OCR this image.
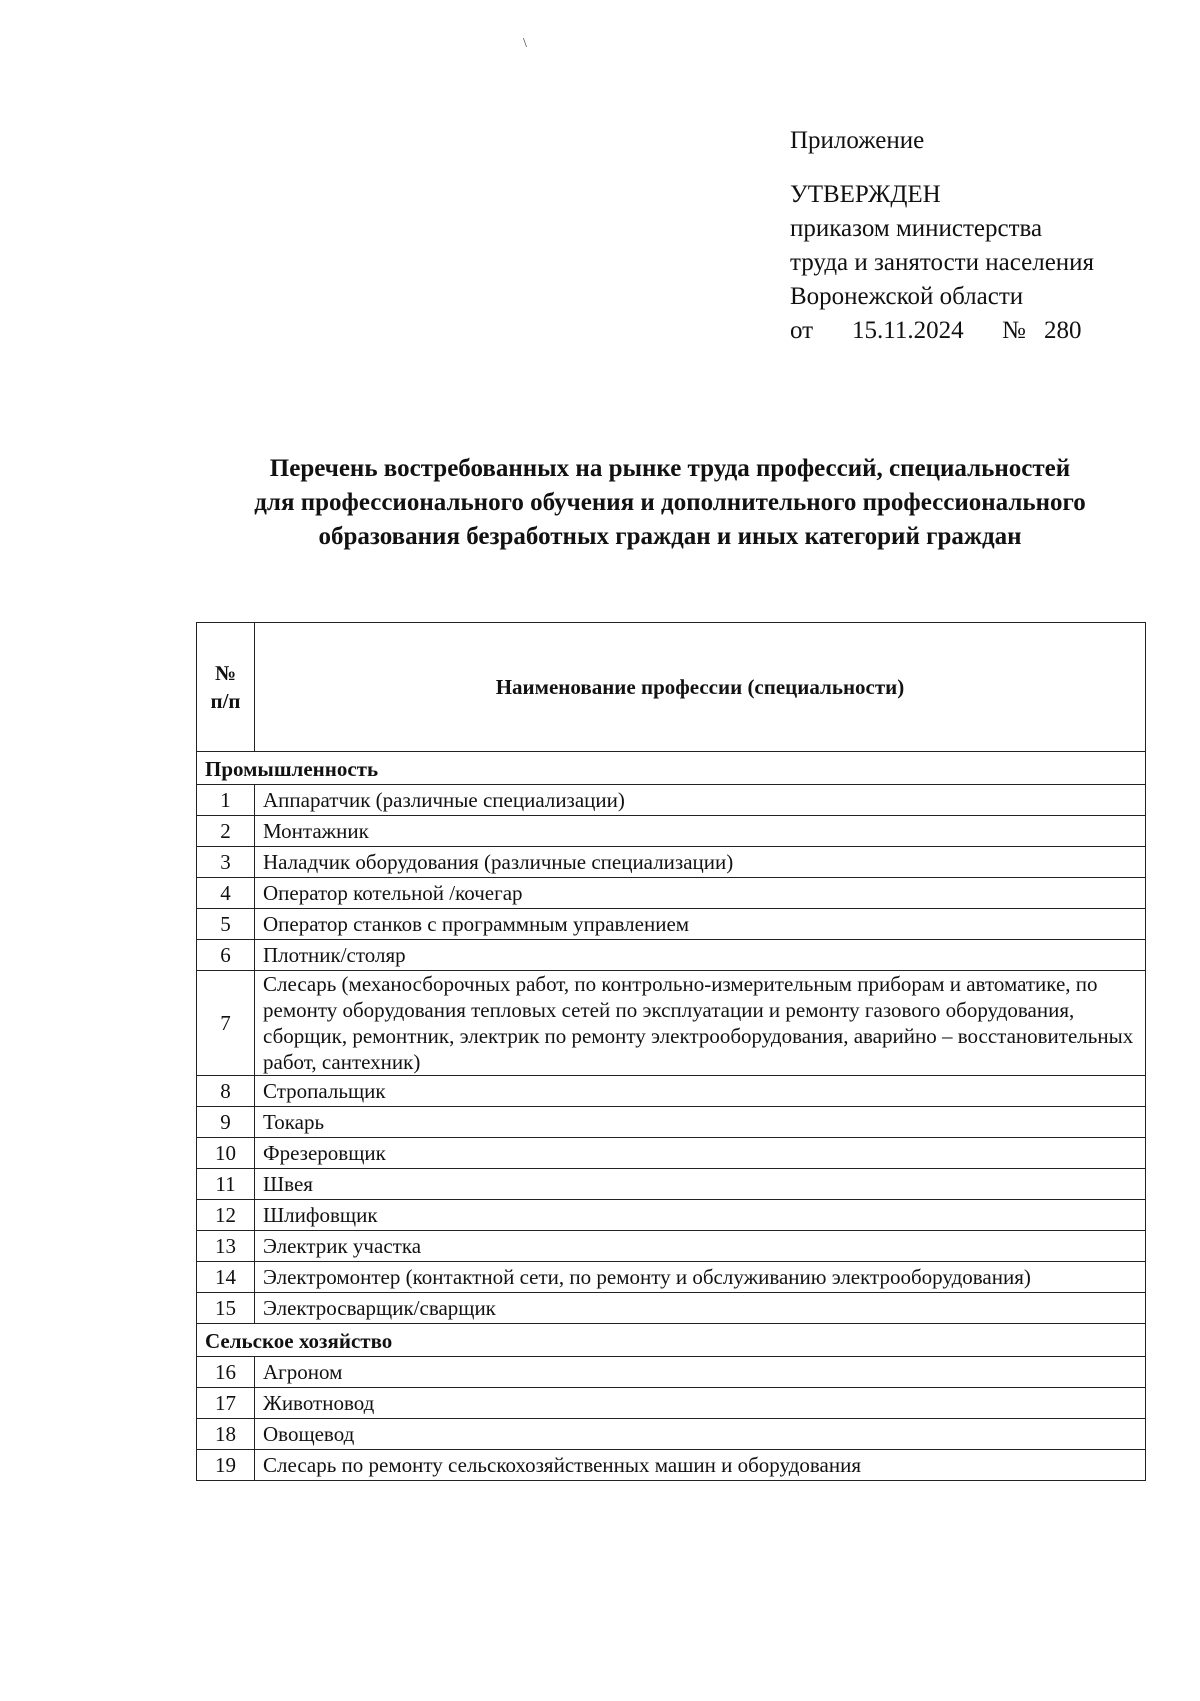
\
Приложение
УТВЕРЖДЕН
приказом министерства
труда и занятости населения
Воронежской области
от 15.11.2024 № 280
Перечень востребованных на рынке труда профессий, специальностей
для профессионального обучения и дополнительного профессионального
образования безработных граждан и иных категорий граждан
№
п/п	Наименование профессии (специальности)
Промышленность	
1	Аппаратчик (различные специализации)
2	Монтажник
3	Наладчик оборудования (различные специализации)
4	Оператор котельной /кочегар
5	Оператор станков с программным управлением
6	Плотник/столяр
7	Слесарь (механосборочных работ, по контрольно-измерительным приборам и автоматике, по ремонту оборудования тепловых сетей по эксплуатации и ремонту газового оборудования, сборщик, ремонтник, электрик по ремонту электрооборудования, аварийно – восстановительных работ, сантехник)
8	Стропальщик
9	Токарь
10	Фрезеровщик
11	Швея
12	Шлифовщик
13	Электрик участка
14	Электромонтер (контактной сети, по ремонту и обслуживанию электрооборудования)
15	Электросварщик/сварщик
Сельское хозяйство	
16	Агроном
17	Животновод
18	Овощевод
19	Слесарь по ремонту сельскохозяйственных машин и оборудования
